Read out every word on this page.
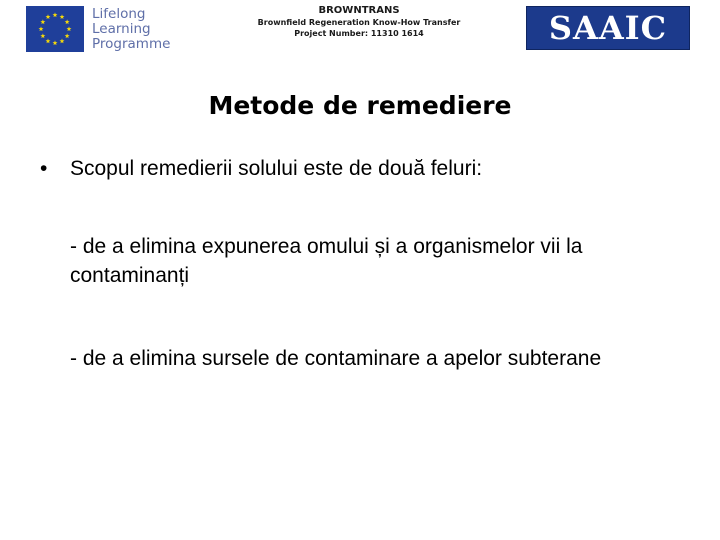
Lifelong
Learning
Programme
BROWNTRANS
Brownfield Regeneration Know-How Transfer
Project Number: 11310 1614	SAAIC
Metode de remediere
•	Scopul remedierii solului este de două feluri:
- de a elimina expunerea omului și a organismelor vii la contaminanți
- de a elimina sursele de contaminare a apelor subterane
